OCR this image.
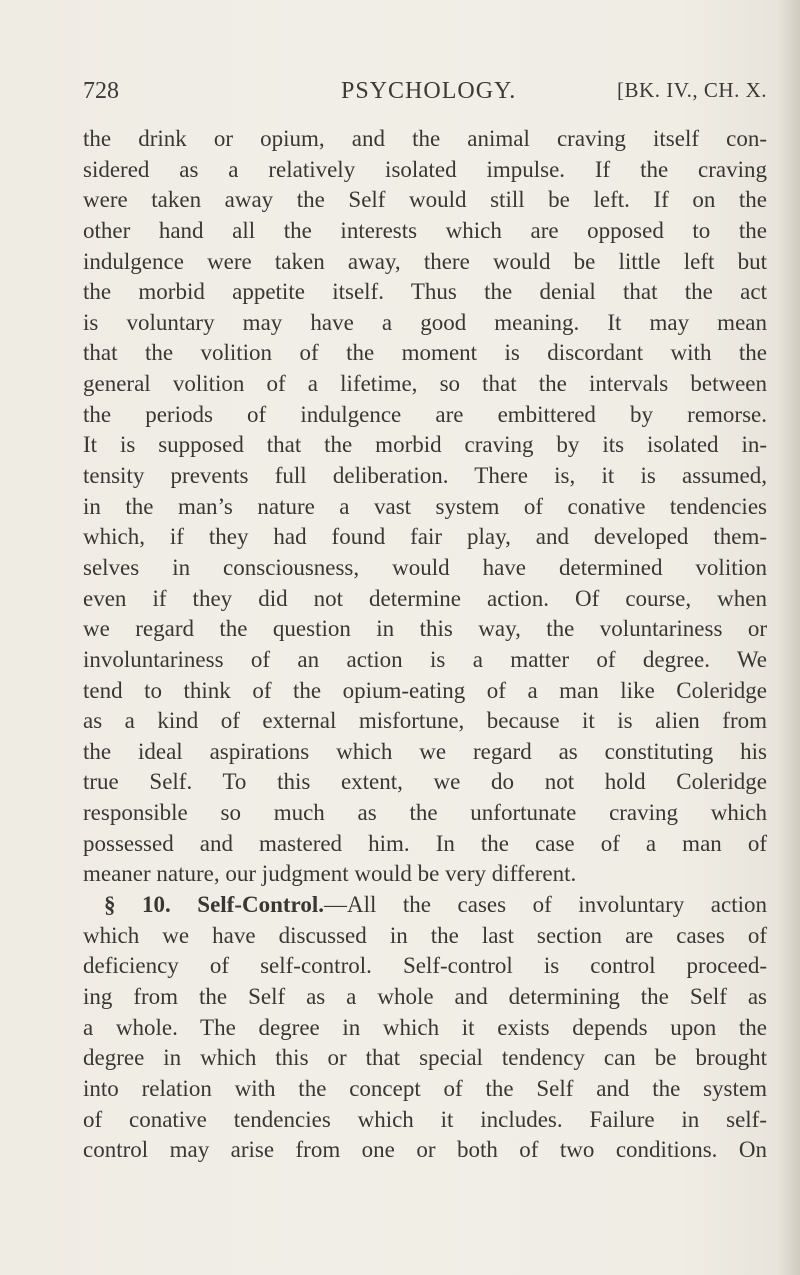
728	PSYCHOLOGY.	[BK. IV., CH. X.
the drink or opium, and the animal craving itself con-
sidered as a relatively isolated impulse. If the craving
were taken away the Self would still be left. If on the
other hand all the interests which are opposed to the
indulgence were taken away, there would be little left but
the morbid appetite itself. Thus the denial that the act
is voluntary may have a good meaning. It may mean
that the volition of the moment is discordant with the
general volition of a lifetime, so that the intervals between
the periods of indulgence are embittered by remorse.
It is supposed that the morbid craving by its isolated in-
tensity prevents full deliberation. There is, it is assumed,
in the man’s nature a vast system of conative tendencies
which, if they had found fair play, and developed them-
selves in consciousness, would have determined volition
even if they did not determine action. Of course, when
we regard the question in this way, the voluntariness or
involuntariness of an action is a matter of degree. We
tend to think of the opium-eating of a man like Coleridge
as a kind of external misfortune, because it is alien from
the ideal aspirations which we regard as constituting his
true Self. To this extent, we do not hold Coleridge
responsible so much as the unfortunate craving which
possessed and mastered him. In the case of a man of
meaner nature, our judgment would be very different.
§ 10. Self-Control.—All the cases of involuntary action
which we have discussed in the last section are cases of
deficiency of self-control. Self-control is control proceed-
ing from the Self as a whole and determining the Self as
a whole. The degree in which it exists depends upon the
degree in which this or that special tendency can be brought
into relation with the concept of the Self and the system
of conative tendencies which it includes. Failure in self-
control may arise from one or both of two conditions. On
